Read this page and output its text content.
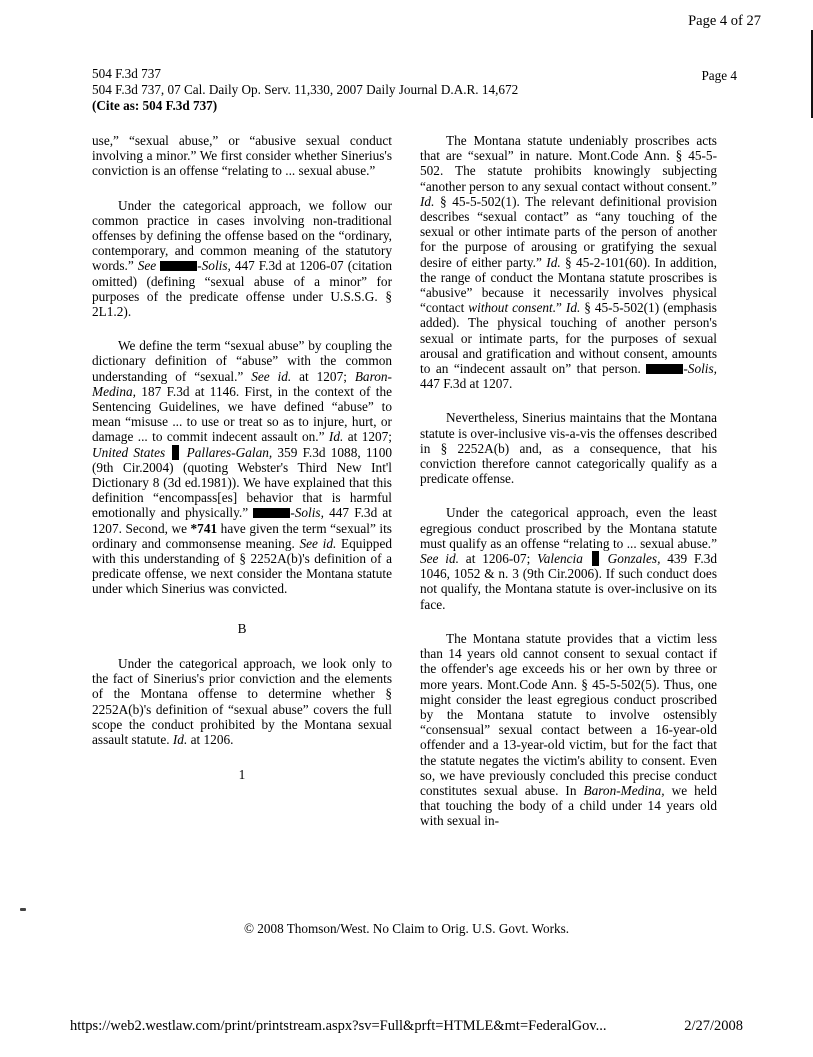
Page 4 of 27
504 F.3d 737
504 F.3d 737, 07 Cal. Daily Op. Serv. 11,330, 2007 Daily Journal D.A.R. 14,672
(Cite as: 504 F.3d 737)
Page 4

use,” “sexual abuse,” or “abusive sexual conduct involving a minor.” We first consider whether Sinerius's conviction is an offense “relating to ... sexual abuse.”

Under the categorical approach, we follow our common practice in cases involving non-traditional offenses by defining the offense based on the “ordinary, contemporary, and common meaning of the statutory words.” See	-Solis, 447 F.3d at 1206-07 (citation omitted) (defining “sexual abuse of a minor” for purposes of the predicate offense under U.S.S.G. § 2L1.2).

We define the term “sexual abuse” by coupling the dictionary definition of “abuse” with the common understanding of “sexual.” See id. at 1207; Baron-Medina, 187 F.3d at 1146. First, in the context of the Sentencing Guidelines, we have defined “abuse” to mean “misuse ... to use or treat so as to injure, hurt, or damage ... to commit indecent assault on.” Id. at 1207; United States  Pallares-Galan, 359 F.3d 1088, 1100 (9th Cir.2004) (quoting Webster's Third New Int'l Dictionary 8 (3d ed.1981)). We have explained that this definition “encompass[es] behavior that is harmful emotionally and physically.”	-Solis, 447 F.3d at 1207. Second, we *741 have given the term “sexual” its ordinary and commonsense meaning. See id. Equipped with this understanding of § 2252A(b)'s definition of a predicate offense, we next consider the Montana statute under which Sinerius was convicted.

B

Under the categorical approach, we look only to the fact of Sinerius's prior conviction and the elements of the Montana offense to determine whether § 2252A(b)'s definition of “sexual abuse” covers the full scope the conduct prohibited by the Montana sexual assault statute. Id. at 1206.

1

The Montana statute undeniably proscribes acts that are “sexual” in nature. Mont.Code Ann. § 45-5-502. The statute prohibits knowingly subjecting “another person to any sexual contact without consent.” Id. § 45-5-502(1). The relevant definitional provision describes “sexual contact” as “any touching of the sexual or other intimate parts of the person of another for the purpose of arousing or gratifying the sexual desire of either party.” Id. § 45-2-101(60). In addition, the range of conduct the Montana statute proscribes is “abusive” because it necessarily involves physical “contact without consent.” Id. § 45-5-502(1) (emphasis added). The physical touching of another person's sexual or intimate parts, for the purposes of sexual arousal and gratification and without consent, amounts to an “indecent assault on” that person.	-Solis, 447 F.3d at 1207.

Nevertheless, Sinerius maintains that the Montana statute is over-inclusive vis-a-vis the offenses described in § 2252A(b) and, as a consequence, that his conviction therefore cannot categorically qualify as a predicate offense.

Under the categorical approach, even the least egregious conduct proscribed by the Montana statute must qualify as an offense “relating to ... sexual abuse.” See id. at 1206-07; Valencia  Gonzales, 439 F.3d 1046, 1052 & n. 3 (9th Cir.2006). If such conduct does not qualify, the Montana statute is over-inclusive on its face.

The Montana statute provides that a victim less than 14 years old cannot consent to sexual contact if the offender's age exceeds his or her own by three or more years. Mont.Code Ann. § 45-5-502(5). Thus, one might consider the least egregious conduct proscribed by the Montana statute to involve ostensibly “consensual” sexual contact between a 16-year-old offender and a 13-year-old victim, but for the fact that the statute negates the victim's ability to consent. Even so, we have previously concluded this precise conduct constitutes sexual abuse. In Baron-Medina, we held that touching the body of a child under 14 years old with sexual in-

© 2008 Thomson/West. No Claim to Orig. U.S. Govt. Works.
https://web2.westlaw.com/print/printstream.aspx?sv=Full&prft=HTMLE&mt=FederalGov...	2/27/2008
